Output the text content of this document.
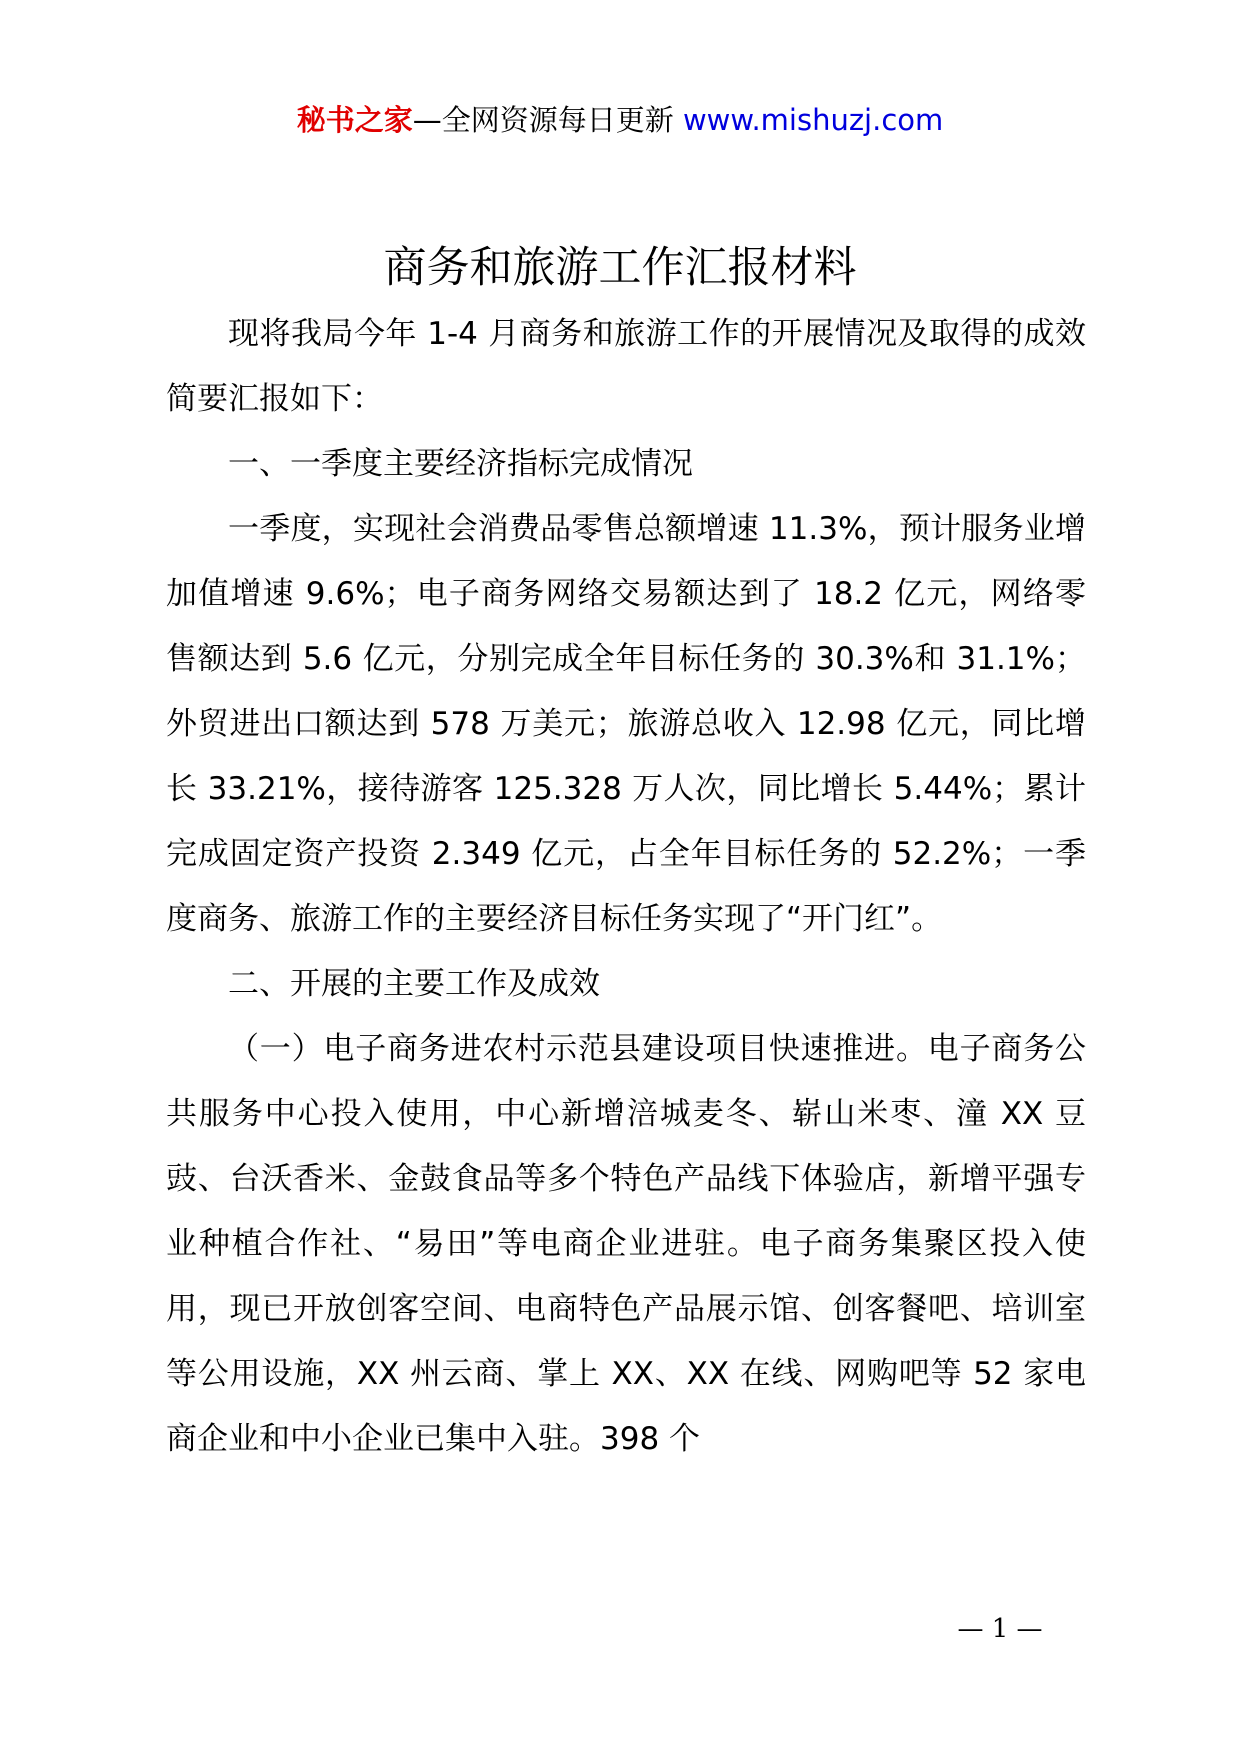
秘书之家—全网资源每日更新 www.mishuzj.com
商务和旅游工作汇报材料

现将我局今年 1-4 月商务和旅游工作的开展情况及取得的成效简要汇报如下：

一、一季度主要经济指标完成情况

一季度，实现社会消费品零售总额增速 11.3%，预计服务业增加值增速 9.6%；电子商务网络交易额达到了 18.2 亿元，网络零售额达到 5.6 亿元，分别完成全年目标任务的 30.3%和 31.1%；外贸进出口额达到 578 万美元；旅游总收入 12.98 亿元，同比增长 33.21%，接待游客 125.328 万人次，同比增长 5.44%；累计完成固定资产投资 2.349 亿元，占全年目标任务的 52.2%；一季度商务、旅游工作的主要经济目标任务实现了“开门红”。

二、开展的主要工作及成效

（一）电子商务进农村示范县建设项目快速推进。电子商务公共服务中心投入使用，中心新增涪城麦冬、崭山米枣、潼 XX 豆豉、台沃香米、金鼓食品等多个特色产品线下体验店，新增平强专业种植合作社、“易田”等电商企业进驻。电子商务集聚区投入使用，现已开放创客空间、电商特色产品展示馆、创客餐吧、培训室等公用设施，XX 州云商、掌上 XX、XX 在线、网购吧等 52 家电商企业和中小企业已集中入驻。398 个

— 1 —
